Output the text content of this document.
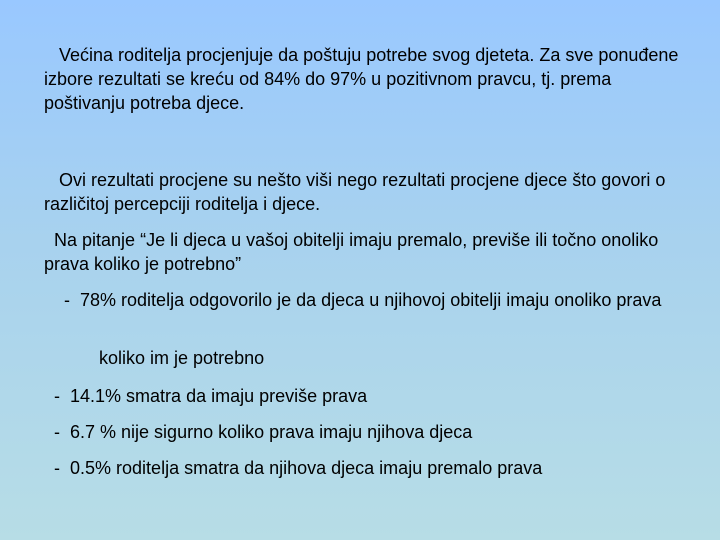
Većina roditelja procjenjuje da poštuju potrebe svog djeteta. Za sve ponuđene izbore rezultati se kreću od 84% do 97% u pozitivnom pravcu, tj. prema poštivanju potreba djece.

Ovi rezultati procjene su nešto viši nego rezultati procjene djece što govori o različitoj percepciji roditelja i djece.

Na pitanje “Je li djeca u vašoj obitelji imaju premalo, previše ili točno onoliko prava koliko je potrebno”

-  78% roditelja odgovorilo je da djeca u njihovoj obitelji imaju onoliko prava

koliko im je potrebno

-  14.1% smatra da imaju previše prava

-  6.7 % nije sigurno koliko prava imaju njihova djeca

-  0.5% roditelja smatra da njihova djeca imaju premalo prava
